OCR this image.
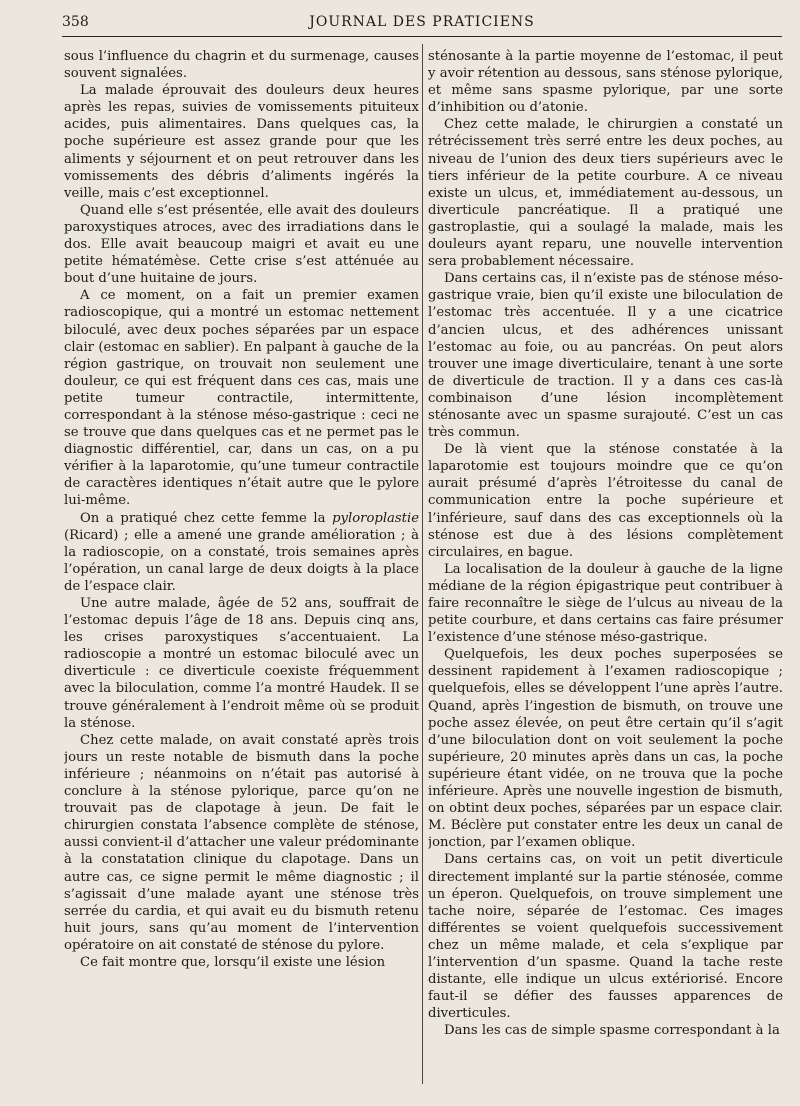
358	JOURNAL DES PRATICIENS

sous l’influence du chagrin et du surmenage, causes souvent signalées.

La malade éprouvait des douleurs deux heures après les repas, suivies de vomissements pituiteux acides, puis alimentaires. Dans quelques cas, la poche supérieure est assez grande pour que les aliments y séjournent et on peut retrouver dans les vomissements des débris d’aliments ingérés la veille, mais c’est exceptionnel.

Quand elle s’est présentée, elle avait des douleurs paroxystiques atroces, avec des irradiations dans le dos. Elle avait beaucoup maigri et avait eu une petite hématémèse. Cette crise s’est atténuée au bout d’une huitaine de jours.

A ce moment, on a fait un premier examen radioscopique, qui a montré un estomac nettement biloculé, avec deux poches séparées par un espace clair (estomac en sablier). En palpant à gauche de la région gastrique, on trouvait non seulement une douleur, ce qui est fréquent dans ces cas, mais une petite tumeur contractile, intermittente, correspondant à la sténose méso-gastrique : ceci ne se trouve que dans quelques cas et ne permet pas le diagnostic différentiel, car, dans un cas, on a pu vérifier à la laparotomie, qu’une tumeur contractile de caractères identiques n’était autre que le pylore lui-même.

On a pratiqué chez cette femme la pyloroplastie (Ricard) ; elle a amené une grande amélioration ; à la radioscopie, on a constaté, trois semaines après l’opération, un canal large de deux doigts à la place de l’espace clair.

Une autre malade, âgée de 52 ans, souffrait de l’estomac depuis l’âge de 18 ans. Depuis cinq ans, les crises paroxystiques s’accentuaient. La radioscopie a montré un estomac biloculé avec un diverticule : ce diverticule coexiste fréquemment avec la biloculation, comme l’a montré Haudek. Il se trouve généralement à l’endroit même où se produit la sténose.

Chez cette malade, on avait constaté après trois jours un reste notable de bismuth dans la poche inférieure ; néanmoins on n’était pas autorisé à conclure à la sténose pylorique, parce qu’on ne trouvait pas de clapotage à jeun. De fait le chirurgien constata l’absence complète de sténose, aussi convient-il d’attacher une valeur prédominante à la constatation clinique du clapotage. Dans un autre cas, ce signe permit le même diagnostic ; il s’agissait d’une malade ayant une sténose très serrée du cardia, et qui avait eu du bismuth retenu huit jours, sans qu’au moment de l’intervention opératoire on ait constaté de sténose du pylore.

Ce fait montre que, lorsqu’il existe une lésion

sténosante à la partie moyenne de l’estomac, il peut y avoir rétention au dessous, sans sténose pylorique, et même sans spasme pylorique, par une sorte d’inhibition ou d’atonie.

Chez cette malade, le chirurgien a constaté un rétrécissement très serré entre les deux poches, au niveau de l’union des deux tiers supérieurs avec le tiers inférieur de la petite courbure. A ce niveau existe un ulcus, et, immédiatement au-dessous, un diverticule pancréatique. Il a pratiqué une gastroplastie, qui a soulagé la malade, mais les douleurs ayant reparu, une nouvelle intervention sera probablement nécessaire.

Dans certains cas, il n’existe pas de sténose méso-gastrique vraie, bien qu’il existe une biloculation de l’estomac très accentuée. Il y a une cicatrice d’ancien ulcus, et des adhérences unissant l’estomac au foie, ou au pancréas. On peut alors trouver une image diverticulaire, tenant à une sorte de diverticule de traction. Il y a dans ces cas-là combinaison d’une lésion incomplètement sténosante avec un spasme surajouté. C’est un cas très commun.

De là vient que la sténose constatée à la laparotomie est toujours moindre que ce qu’on aurait présumé d’après l’étroitesse du canal de communication entre la poche supérieure et l’inférieure, sauf dans des cas exceptionnels où la sténose est due à des lésions complètement circulaires, en bague.

La localisation de la douleur à gauche de la ligne médiane de la région épigastrique peut contribuer à faire reconnaître le siège de l’ulcus au niveau de la petite courbure, et dans certains cas faire présumer l’existence d’une sténose méso-gastrique.

Quelquefois, les deux poches superposées se dessinent rapidement à l’examen radioscopique ; quelquefois, elles se développent l’une après l’autre. Quand, après l’ingestion de bismuth, on trouve une poche assez élevée, on peut être certain qu’il s’agit d’une biloculation dont on voit seulement la poche supérieure, 20 minutes après dans un cas, la poche supérieure étant vidée, on ne trouva que la poche inférieure. Après une nouvelle ingestion de bismuth, on obtint deux poches, séparées par un espace clair. M. Béclère put constater entre les deux un canal de jonction, par l’examen oblique.

Dans certains cas, on voit un petit diverticule directement implanté sur la partie sténosée, comme un éperon. Quelquefois, on trouve simplement une tache noire, séparée de l’estomac. Ces images différentes se voient quelquefois successivement chez un même malade, et cela s’explique par l’intervention d’un spasme. Quand la tache reste distante, elle indique un ulcus extériorisé. Encore faut-il se défier des fausses apparences de diverticules.

Dans les cas de simple spasme correspondant à la
